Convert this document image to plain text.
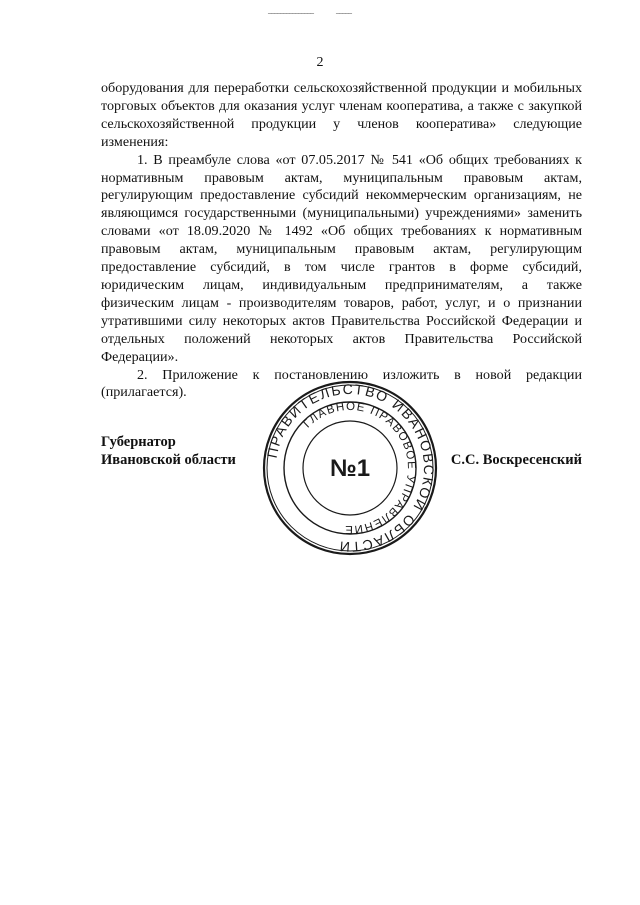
_______________	_____
2

оборудования для переработки сельскохозяйственной продукции и мобильных торговых объектов для оказания услуг членам кооператива, а также с закупкой сельскохозяйственной продукции у членов кооператива» следующие изменения:

1. В преамбуле слова «от 07.05.2017 № 541 «Об общих требованиях к нормативным правовым актам, муниципальным правовым актам, регулирующим предоставление субсидий некоммерческим организациям, не являющимся государственными (муниципальными) учреждениями» заменить словами «от 18.09.2020 № 1492 «Об общих требованиях к нормативным правовым актам, муниципальным правовым актам, регулирующим предоставление субсидий, в том числе грантов в форме субсидий, юридическим лицам, индивидуальным предпринимателям, а также физическим лицам - производителям товаров, работ, услуг, и о признании утратившими силу некоторых актов Правительства Российской Федерации и отдельных положений некоторых актов Правительства Российской Федерации».

2. Приложение к постановлению изложить в новой редакции (прилагается).

Губернатор
Ивановской области	С.С. Воскресенский
ПРАВИТЕЛЬСТВО ИВАНОВСКОЙ ОБЛАСТИ
ГЛАВНОЕ ПРАВОВОЕ УПРАВЛЕНИЕ
№1
